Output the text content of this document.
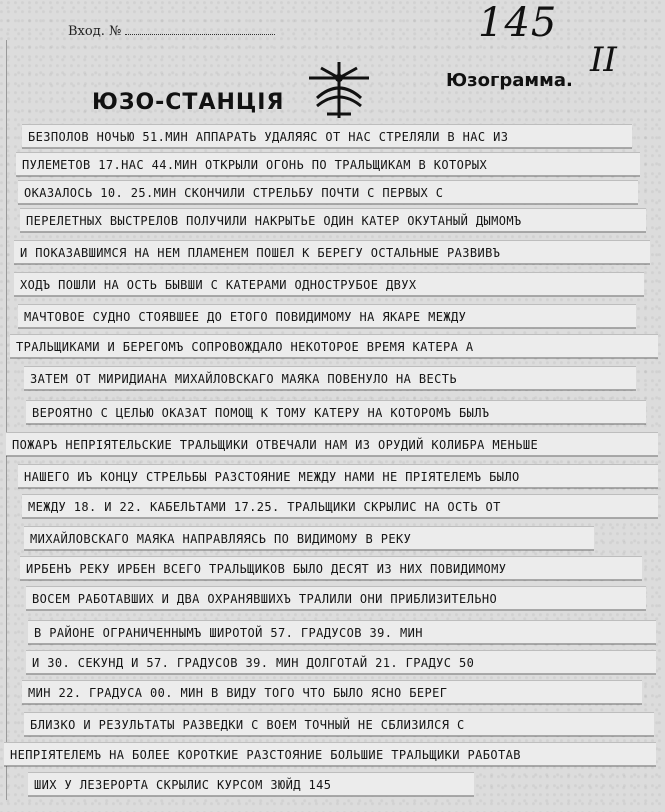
Вход. №	145
II
ЮЗО-СТАНЦІЯ
Юзограмма.
БЕЗПОЛОВ НОЧЬЮ 51.МИН АППАРАТЬ УДАЛЯЯС ОТ НАС СТРЕЛЯЛИ В НАС ИЗ
ПУЛЕМЕТОВ 17.НАС 44.МИН ОТКРЫЛИ ОГОНЬ ПО ТРАЛЬЩИКАМ В КОТОРЫХ
ОКАЗАЛОСЬ 10. 25.МИН СКОНЧИЛИ СТРЕЛЬБУ ПОЧТИ С ПЕРВЫХ С
ПЕРЕЛЕТНЫХ ВЫСТРЕЛОВ ПОЛУЧИЛИ НАКРЫТЬЕ ОДИН КАТЕР ОКУТАНЫЙ ДЫМОМЪ
И ПОКАЗАВШИМСЯ НА НЕМ ПЛАМЕНЕМ ПОШЕЛ К БЕРЕГУ ОСТАЛЬНЫЕ РАЗВИВЪ
ХОДЪ ПОШЛИ НА ОСТЬ БЫВШИ С КАТЕРАМИ ОДНОСТРУБОЕ ДВУХ
МАЧТОВОЕ СУДНО СТОЯВШЕЕ ДО ЕТОГО ПОВИДИМОМУ НА ЯКАРЕ МЕЖДУ
ТРАЛЬЩИКАМИ И БЕРЕГОМЪ СОПРОВОЖДАЛО НЕКОТОРОЕ ВРЕМЯ КАТЕРА А
ЗАТЕМ ОТ МИРИДИАНА МИХАЙЛОВСКАГО МАЯКА ПОВЕНУЛО НА ВЕСТЬ
ВЕРОЯТНО С ЦЕЛЬЮ ОКАЗАТ ПОМОЩ К ТОМУ КАТЕРУ НА КОТОРОМЪ БЫЛЪ
ПОЖАРЪ НЕПРІЯТЕЛЬСКИЕ ТРАЛЬЩИКИ ОТВЕЧАЛИ НАМ ИЗ ОРУДИЙ КОЛИБРА МЕНЬШЕ
НАШЕГО ИЪ КОНЦУ СТРЕЛЬБЫ РАЗСТОЯНИЕ МЕЖДУ НАМИ НЕ ПРІЯТЕЛЕМЪ БЫЛО
МЕЖДУ 18. И 22. КАБЕЛЬТАМИ 17.25. ТРАЛЬЩИКИ СКРЫЛИС НА ОСТЬ ОТ
МИХАЙЛОВСКАГО МАЯКА НАПРАВЛЯЯСЬ ПО ВИДИМОМУ В РЕКУ
ИРБЕНЪ РЕКУ ИРБЕН ВСЕГО ТРАЛЬЩИКОВ БЫЛО ДЕСЯТ ИЗ НИХ ПОВИДИМОМУ
ВОСЕМ РАБОТАВШИХ И ДВА ОХРАНЯВШИХЪ ТРАЛИЛИ ОНИ ПРИБЛИЗИТЕЛЬНО
В РАЙОНЕ ОГРАНИЧЕННЫМЪ ШИРОТОЙ 57. ГРАДУСОВ 39. МИН
И 30. СЕКУНД И 57. ГРАДУСОВ 39. МИН ДОЛГОТАЙ 21. ГРАДУС 50
МИН 22. ГРАДУСА 00. МИН В ВИДУ ТОГО ЧТО БЫЛО ЯСНО БЕРЕГ
БЛИЗКО И РЕЗУЛЬТАТЫ РАЗВЕДКИ С ВОЕМ ТОЧНЫЙ НЕ СБЛИЗИЛСЯ С
НЕПРІЯТЕЛЕМЪ НА БОЛЕЕ КОРОТКИЕ РАЗСТОЯНИЕ БОЛЬШИЕ ТРАЛЬЩИКИ РАБОТАВ
ШИХ У ЛЕЗЕРОРТА СКРЫЛИС КУРСОМ ЗЮЙД 145
